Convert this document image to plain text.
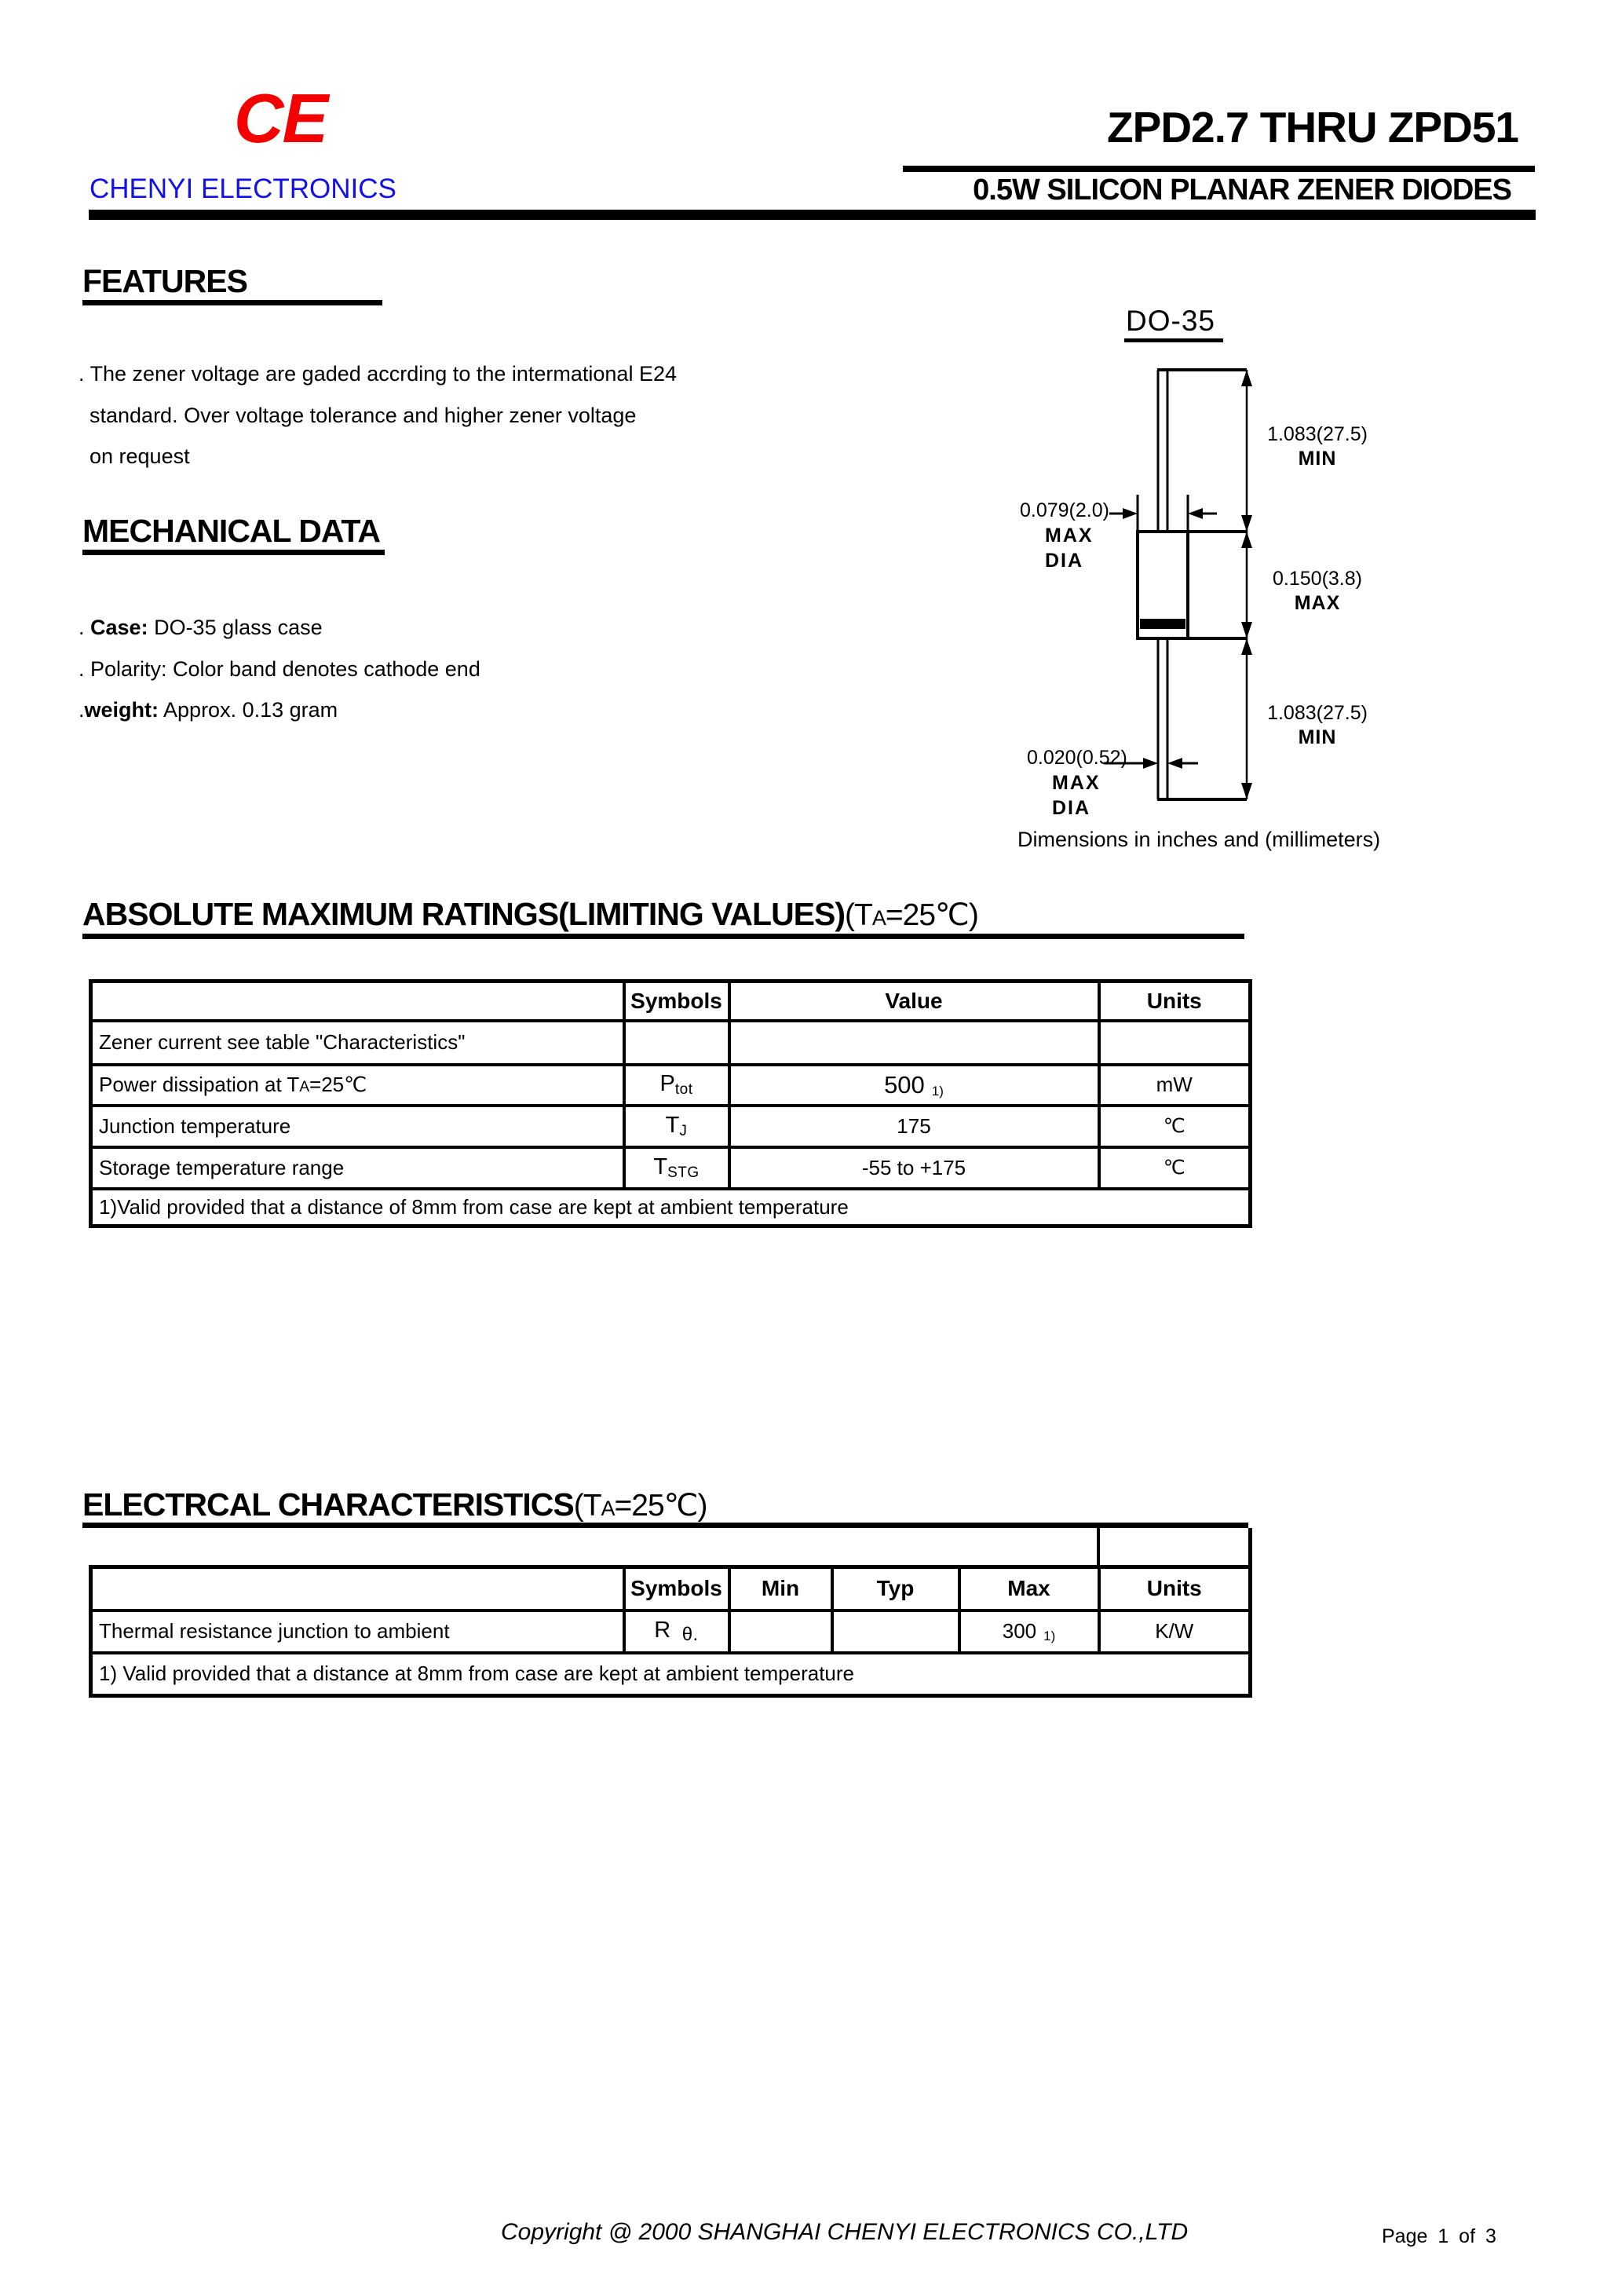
CE
CHENYI ELECTRONICS
ZPD2.7 THRU ZPD51
0.5W SILICON PLANAR ZENER DIODES
FEATURES
. The zener voltage are gaded accrding to the intermational E24
standard. Over voltage tolerance and higher zener voltage
on request
MECHANICAL DATA
. Case: DO-35 glass case
. Polarity: Color band denotes cathode end
.weight: Approx. 0.13 gram
DO-35
1.083(27.5)
MIN
0.150(3.8)
MAX
1.083(27.5)
MIN
0.079(2.0)
MAX
DIA
0.020(0.52)
MAX
DIA
Dimensions in inches and (millimeters)
ABSOLUTE MAXIMUM RATINGS(LIMITING VALUES)(TA=25℃)
	Symbols	Value	Units
Zener current see table "Characteristics"			
Power dissipation at TA=25℃	Ptot	500 1)	mW
Junction temperature	TJ	175	℃
Storage temperature range	TSTG	-55 to +175	℃
1)Valid provided that a distance of 8mm from case are kept at ambient temperature			
ELECTRCAL CHARACTERISTICS(TA=25℃)
	Symbols	Min	Typ	Max	Units
Thermal resistance junction to ambient	R θ.			300 1)	K/W
1) Valid provided that a distance at 8mm from case are kept at ambient temperature					
Copyright @ 2000 SHANGHAI CHENYI ELECTRONICS CO.,LTD	Page 1 of 3
